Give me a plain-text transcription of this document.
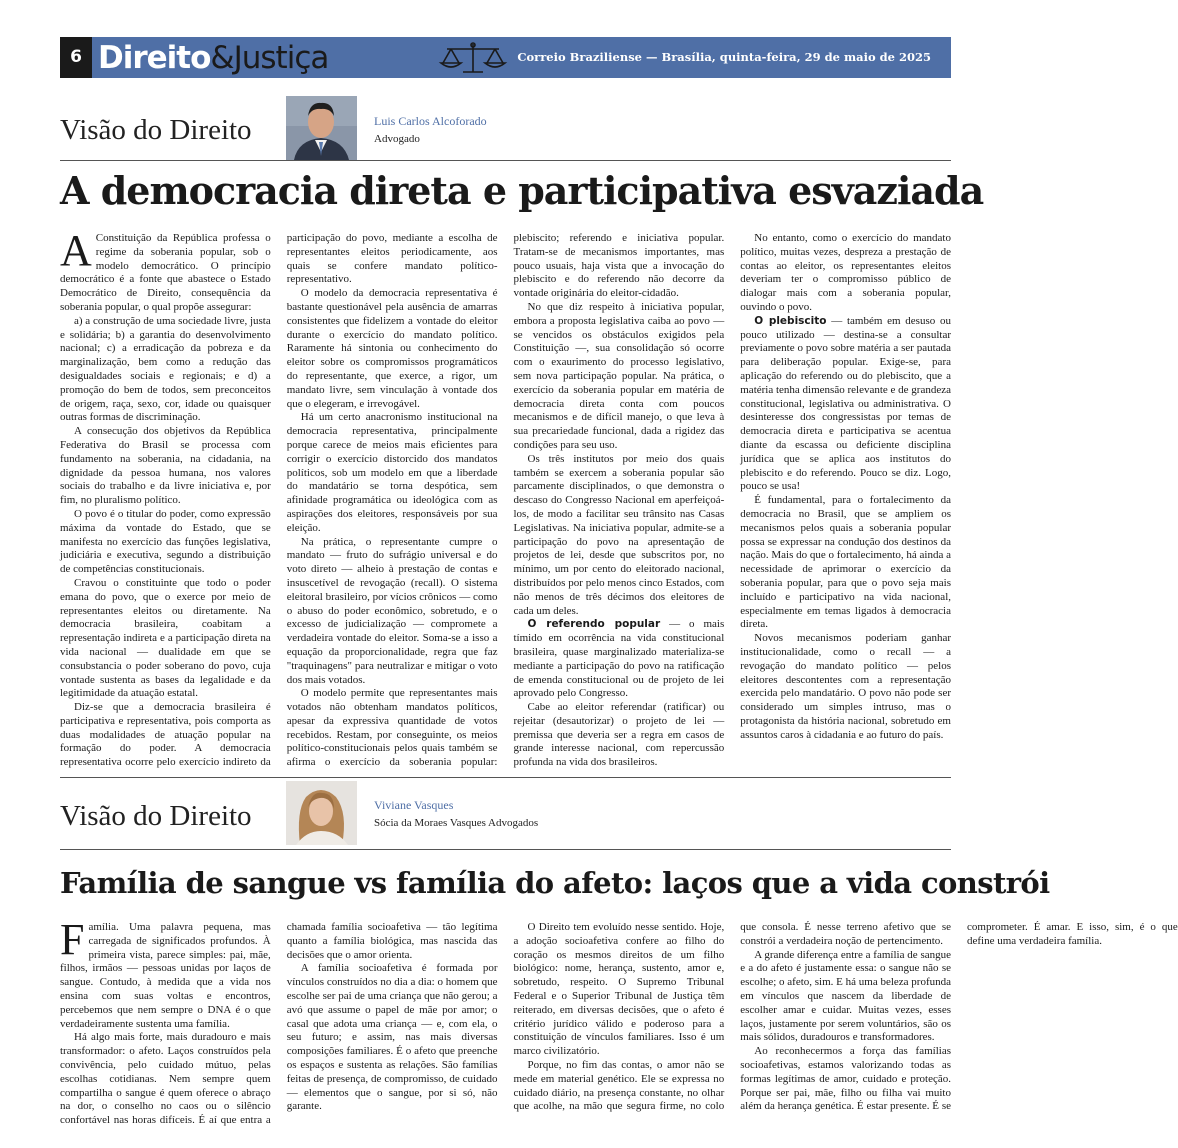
6 Direito&Justiça	Correio Braziliense — Brasília, quinta-feira, 29 de maio de 2025
Visão do Direito	Luis Carlos Alcoforado
Advogado
A democracia direta e participativa esvaziada

A Constituição da República professa o regime da soberania popular, sob o modelo democrático. O princípio democrático é a fonte que abastece o Estado Democrático de Direito, consequência da soberania popular, o qual propõe assegurar:

a) a construção de uma sociedade livre, justa e solidária; b) a garantia do desenvolvimento nacional; c) a erradicação da pobreza e da marginalização, bem como a redução das desigualdades sociais e regionais; e d) a promoção do bem de todos, sem preconceitos de origem, raça, sexo, cor, idade ou quaisquer outras formas de discriminação.

A consecução dos objetivos da República Federativa do Brasil se processa com fundamento na soberania, na cidadania, na dignidade da pessoa humana, nos valores sociais do trabalho e da livre iniciativa e, por fim, no pluralismo político.

O povo é o titular do poder, como expressão máxima da vontade do Estado, que se manifesta no exercício das funções legislativa, judiciária e executiva, segundo a distribuição de competências constitucionais.

Cravou o constituinte que todo o poder emana do povo, que o exerce por meio de representantes eleitos ou diretamente. Na democracia brasileira, coabitam a representação indireta e a participação direta na vida nacional — dualidade em que se consubstancia o poder soberano do povo, cuja vontade sustenta as bases da legalidade e da legitimidade da atuação estatal.

Diz-se que a democracia brasileira é participativa e representativa, pois comporta as duas modalidades de atuação popular na formação do poder. A democracia representativa ocorre pelo exercício indireto da participação do povo, mediante a escolha de representantes eleitos periodicamente, aos quais se confere mandato político-representativo.

O modelo da democracia representativa é bastante questionável pela ausência de amarras consistentes que fidelizem a vontade do eleitor durante o exercício do mandato político. Raramente há sintonia ou conhecimento do eleitor sobre os compromissos programáticos do representante, que exerce, a rigor, um mandato livre, sem vinculação à vontade dos que o elegeram, e irrevogável.

Há um certo anacronismo institucional na democracia representativa, principalmente porque carece de meios mais eficientes para corrigir o exercício distorcido dos mandatos políticos, sob um modelo em que a liberdade do mandatário se torna despótica, sem afinidade programática ou ideológica com as aspirações dos eleitores, responsáveis por sua eleição.

Na prática, o representante cumpre o mandato — fruto do sufrágio universal e do voto direto — alheio à prestação de contas e insuscetível de revogação (recall). O sistema eleitoral brasileiro, por vícios crônicos — como o abuso do poder econômico, sobretudo, e o excesso de judicialização — compromete a verdadeira vontade do eleitor. Soma-se a isso a equação da proporcionalidade, regra que faz "traquinagens" para neutralizar e mitigar o voto dos mais votados.

O modelo permite que representantes mais votados não obtenham mandatos políticos, apesar da expressiva quantidade de votos recebidos. Restam, por conseguinte, os meios político-constitucionais pelos quais também se afirma o exercício da soberania popular: plebiscito; referendo e iniciativa popular. Tratam-se de mecanismos importantes, mas pouco usuais, haja vista que a invocação do plebiscito e do referendo não decorre da vontade originária do eleitor-cidadão.

No que diz respeito à iniciativa popular, embora a proposta legislativa caiba ao povo — se vencidos os obstáculos exigidos pela Constituição —, sua consolidação só ocorre com o exaurimento do processo legislativo, sem nova participação popular. Na prática, o exercício da soberania popular em matéria de democracia direta conta com poucos mecanismos e de difícil manejo, o que leva à sua precariedade funcional, dada a rigidez das condições para seu uso.

Os três institutos por meio dos quais também se exercem a soberania popular são parcamente disciplinados, o que demonstra o descaso do Congresso Nacional em aperfeiçoá-los, de modo a facilitar seu trânsito nas Casas Legislativas. Na iniciativa popular, admite-se a participação do povo na apresentação de projetos de lei, desde que subscritos por, no mínimo, um por cento do eleitorado nacional, distribuídos por pelo menos cinco Estados, com não menos de três décimos dos eleitores de cada um deles.

O referendo popular — o mais tímido em ocorrência na vida constitucional brasileira, quase marginalizado materializa-se mediante a participação do povo na ratificação de emenda constitucional ou de projeto de lei aprovado pelo Congresso.

Cabe ao eleitor referendar (ratificar) ou rejeitar (desautorizar) o projeto de lei — premissa que deveria ser a regra em casos de grande interesse nacional, com repercussão profunda na vida dos brasileiros.

No entanto, como o exercício do mandato político, muitas vezes, despreza a prestação de contas ao eleitor, os representantes eleitos deveriam ter o compromisso público de dialogar mais com a soberania popular, ouvindo o povo.

O plebiscito — também em desuso ou pouco utilizado — destina-se a consultar previamente o povo sobre matéria a ser pautada para deliberação popular. Exige-se, para aplicação do referendo ou do plebiscito, que a matéria tenha dimensão relevante e de grandeza constitucional, legislativa ou administrativa. O desinteresse dos congressistas por temas de democracia direta e participativa se acentua diante da escassa ou deficiente disciplina jurídica que se aplica aos institutos do plebiscito e do referendo. Pouco se diz. Logo, pouco se usa!

É fundamental, para o fortalecimento da democracia no Brasil, que se ampliem os mecanismos pelos quais a soberania popular possa se expressar na condução dos destinos da nação. Mais do que o fortalecimento, há ainda a necessidade de aprimorar o exercício da soberania popular, para que o povo seja mais incluído e participativo na vida nacional, especialmente em temas ligados à democracia direta.

Novos mecanismos poderiam ganhar institucionalidade, como o recall — a revogação do mandato político — pelos eleitores descontentes com a representação exercida pelo mandatário. O povo não pode ser considerado um simples intruso, mas o protagonista da história nacional, sobretudo em assuntos caros à cidadania e ao futuro do país.

Visão do Direito	Viviane Vasques
Sócia da Moraes Vasques Advogados
Família de sangue vs família do afeto: laços que a vida constrói

Família. Uma palavra pequena, mas carregada de significados profundos. À primeira vista, parece simples: pai, mãe, filhos, irmãos — pessoas unidas por laços de sangue. Contudo, à medida que a vida nos ensina com suas voltas e encontros, percebemos que nem sempre o DNA é o que verdadeiramente sustenta uma família.

Há algo mais forte, mais duradouro e mais transformador: o afeto. Laços construídos pela convivência, pelo cuidado mútuo, pelas escolhas cotidianas. Nem sempre quem compartilha o sangue é quem oferece o abraço na dor, o conselho no caos ou o silêncio confortável nas horas difíceis. É aí que entra a chamada família socioafetiva — tão legítima quanto a família biológica, mas nascida das decisões que o amor orienta.

A família socioafetiva é formada por vínculos construídos no dia a dia: o homem que escolhe ser pai de uma criança que não gerou; a avó que assume o papel de mãe por amor; o casal que adota uma criança — e, com ela, o seu futuro; e assim, nas mais diversas composições familiares. É o afeto que preenche os espaços e sustenta as relações. São famílias feitas de presença, de compromisso, de cuidado — elementos que o sangue, por si só, não garante.

O Direito tem evoluído nesse sentido. Hoje, a adoção socioafetiva confere ao filho do coração os mesmos direitos de um filho biológico: nome, herança, sustento, amor e, sobretudo, respeito. O Supremo Tribunal Federal e o Superior Tribunal de Justiça têm reiterado, em diversas decisões, que o afeto é critério jurídico válido e poderoso para a constituição de vínculos familiares. Isso é um marco civilizatório.

Porque, no fim das contas, o amor não se mede em material genético. Ele se expressa no cuidado diário, na presença constante, no olhar que acolhe, na mão que segura firme, no colo que consola. É nesse terreno afetivo que se constrói a verdadeira noção de pertencimento.

A grande diferença entre a família de sangue e a do afeto é justamente essa: o sangue não se escolhe; o afeto, sim. E há uma beleza profunda em vínculos que nascem da liberdade de escolher amar e cuidar. Muitas vezes, esses laços, justamente por serem voluntários, são os mais sólidos, duradouros e transformadores.

Ao reconhecermos a força das famílias socioafetivas, estamos valorizando todas as formas legítimas de amor, cuidado e proteção. Porque ser pai, mãe, filho ou filha vai muito além da herança genética. É estar presente. É se comprometer. É amar. E isso, sim, é o que define uma verdadeira família.
